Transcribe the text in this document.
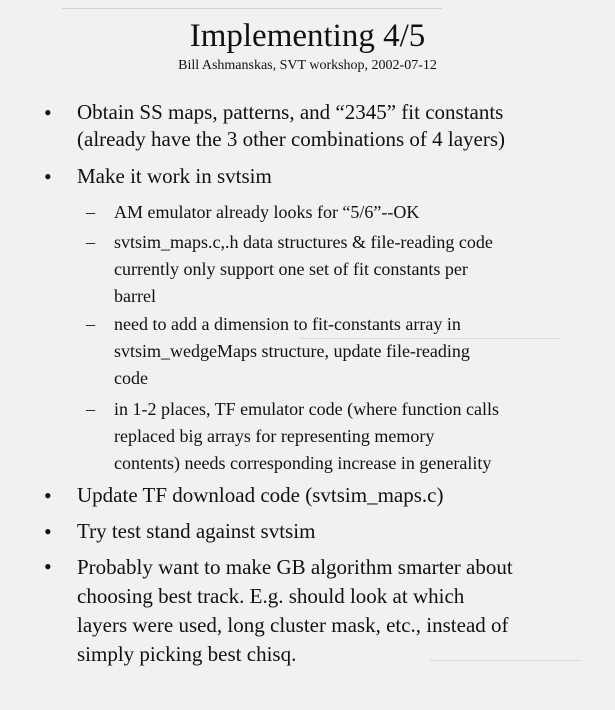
Implementing 4/5
Bill Ashmanskas, SVT workshop, 2002-07-12
• Obtain SS maps, patterns, and “2345” fit constants
(already have the 3 other combinations of 4 layers)
• Make it work in svtsim
– AM emulator already looks for “5/6”--OK
– svtsim_maps.c,.h data structures & file-reading code
currently only support one set of fit constants per
barrel
– need to add a dimension to fit-constants array in
svtsim_wedgeMaps structure, update file-reading
code
– in 1-2 places, TF emulator code (where function calls
replaced big arrays for representing memory
contents) needs corresponding increase in generality
• Update TF download code (svtsim_maps.c)
• Try test stand against svtsim
• Probably want to make GB algorithm smarter about
choosing best track. E.g. should look at which
layers were used, long cluster mask, etc., instead of
simply picking best chisq.
